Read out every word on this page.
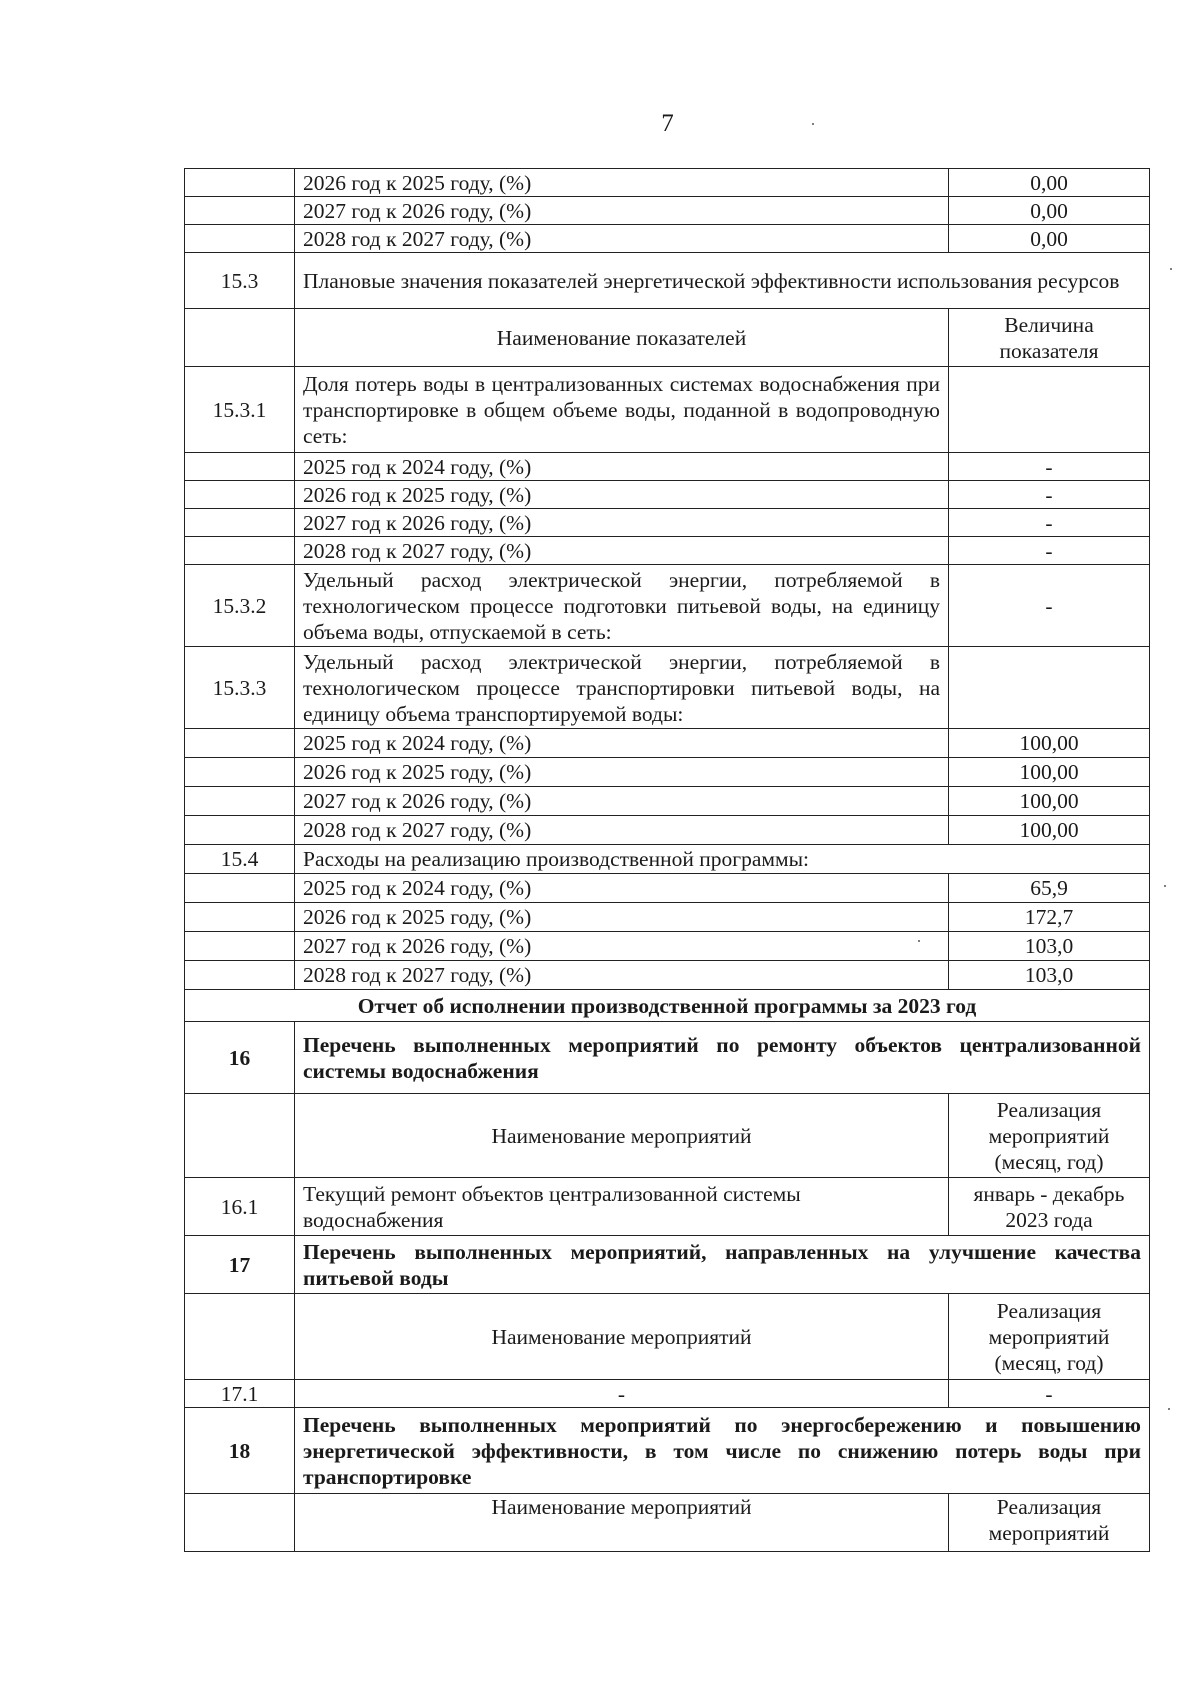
7
	2026 год к 2025 году, (%)	0,00
	2027 год к 2026 году, (%)	0,00
	2028 год к 2027 году, (%)	0,00
15.3	Плановые значения показателей энергетической эффективности использования ресурсов	
	Наименование показателей	Величина показателя
15.3.1	Доля потерь воды в централизованных системах водоснабжения при транспортировке в общем объеме воды, поданной в водопроводную сеть:	
	2025 год к 2024 году, (%)	-
	2026 год к 2025 году, (%)	-
	2027 год к 2026 году, (%)	-
	2028 год к 2027 году, (%)	-
15.3.2	Удельный расход электрической энергии, потребляемой в технологическом процессе подготовки питьевой воды, на единицу объема воды, отпускаемой в сеть:	-
15.3.3	Удельный расход электрической энергии, потребляемой в технологическом процессе транспортировки питьевой воды, на единицу объема транспортируемой воды:	
	2025 год к 2024 году, (%)	100,00
	2026 год к 2025 году, (%)	100,00
	2027 год к 2026 году, (%)	100,00
	2028 год к 2027 году, (%)	100,00
15.4	Расходы на реализацию производственной программы:	
	2025 год к 2024 году, (%)	65,9
	2026 год к 2025 году, (%)	172,7
	2027 год к 2026 году, (%)	103,0
	2028 год к 2027 году, (%)	103,0
Отчет об исполнении производственной программы за 2023 год		
16	Перечень выполненных мероприятий по ремонту объектов централизованной системы водоснабжения	
	Наименование мероприятий	Реализация мероприятий (месяц, год)
16.1	Текущий ремонт объектов централизованной системы водоснабжения	январь - декабрь 2023 года
17	Перечень выполненных мероприятий, направленных на улучшение качества питьевой воды	
	Наименование мероприятий	Реализация мероприятий (месяц, год)
17.1	-	-
18	Перечень выполненных мероприятий по энергосбережению и повышению энергетической эффективности, в том числе по снижению потерь воды при транспортировке	
	Наименование мероприятий	Реализация мероприятий
